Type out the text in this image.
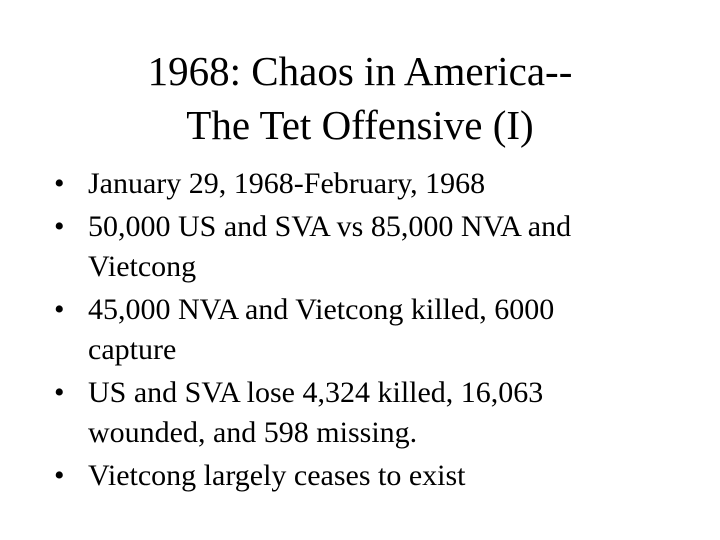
1968: Chaos in America--
The Tet Offensive (I)
• January 29, 1968-February, 1968
• 50,000 US and SVA vs 85,000 NVA and
Vietcong
• 45,000 NVA and Vietcong killed, 6000
capture
• US and SVA lose 4,324 killed, 16,063
wounded, and 598 missing.
• Vietcong largely ceases to exist
